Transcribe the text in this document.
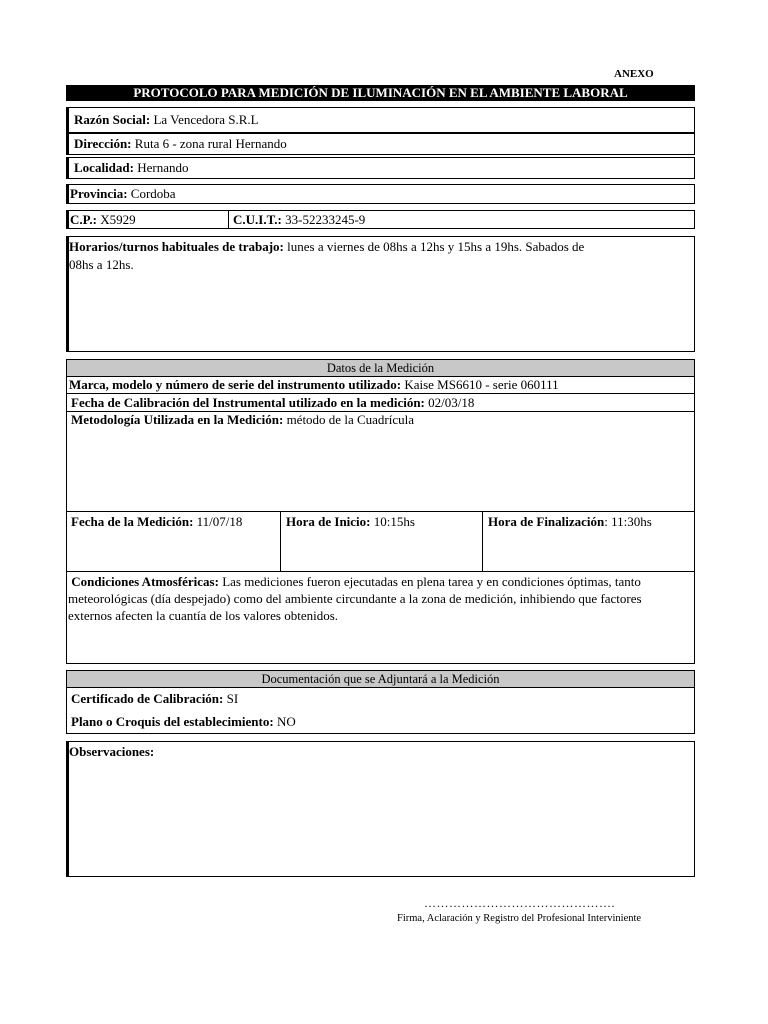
ANEXO
PROTOCOLO PARA MEDICIÓN DE ILUMINACIÓN EN EL AMBIENTE LABORAL
Razón Social: La Vencedora S.R.L
Dirección: Ruta 6 - zona rural Hernando
Localidad: Hernando
Provincia: Cordoba
C.P.: X5929	C.U.I.T.: 33-52233245-9
Horarios/turnos habituales de trabajo: lunes a viernes de 08hs a 12hs y 15hs a 19hs. Sabados de
08hs a 12hs.
Datos de la Medición
Marca, modelo y número de serie del instrumento utilizado: Kaise MS6610 - serie 060111
Fecha de Calibración del Instrumental utilizado en la medición: 02/03/18
Metodología Utilizada en la Medición: método de la Cuadrícula
Fecha de la Medición: 11/07/18	Hora de Inicio: 10:15hs	Hora de Finalización: 11:30hs
Condiciones Atmosféricas: Las mediciones fueron ejecutadas en plena tarea y en condiciones óptimas, tanto
meteorológicas (día despejado) como del ambiente circundante a la zona de medición, inhibiendo que factores
externos afecten la cuantía de los valores obtenidos.
Documentación que se Adjuntará a la Medición
Certificado de Calibración: SI
Plano o Croquis del establecimiento: NO
Observaciones:
……………………………………….
Firma, Aclaración y Registro del Profesional Interviniente
